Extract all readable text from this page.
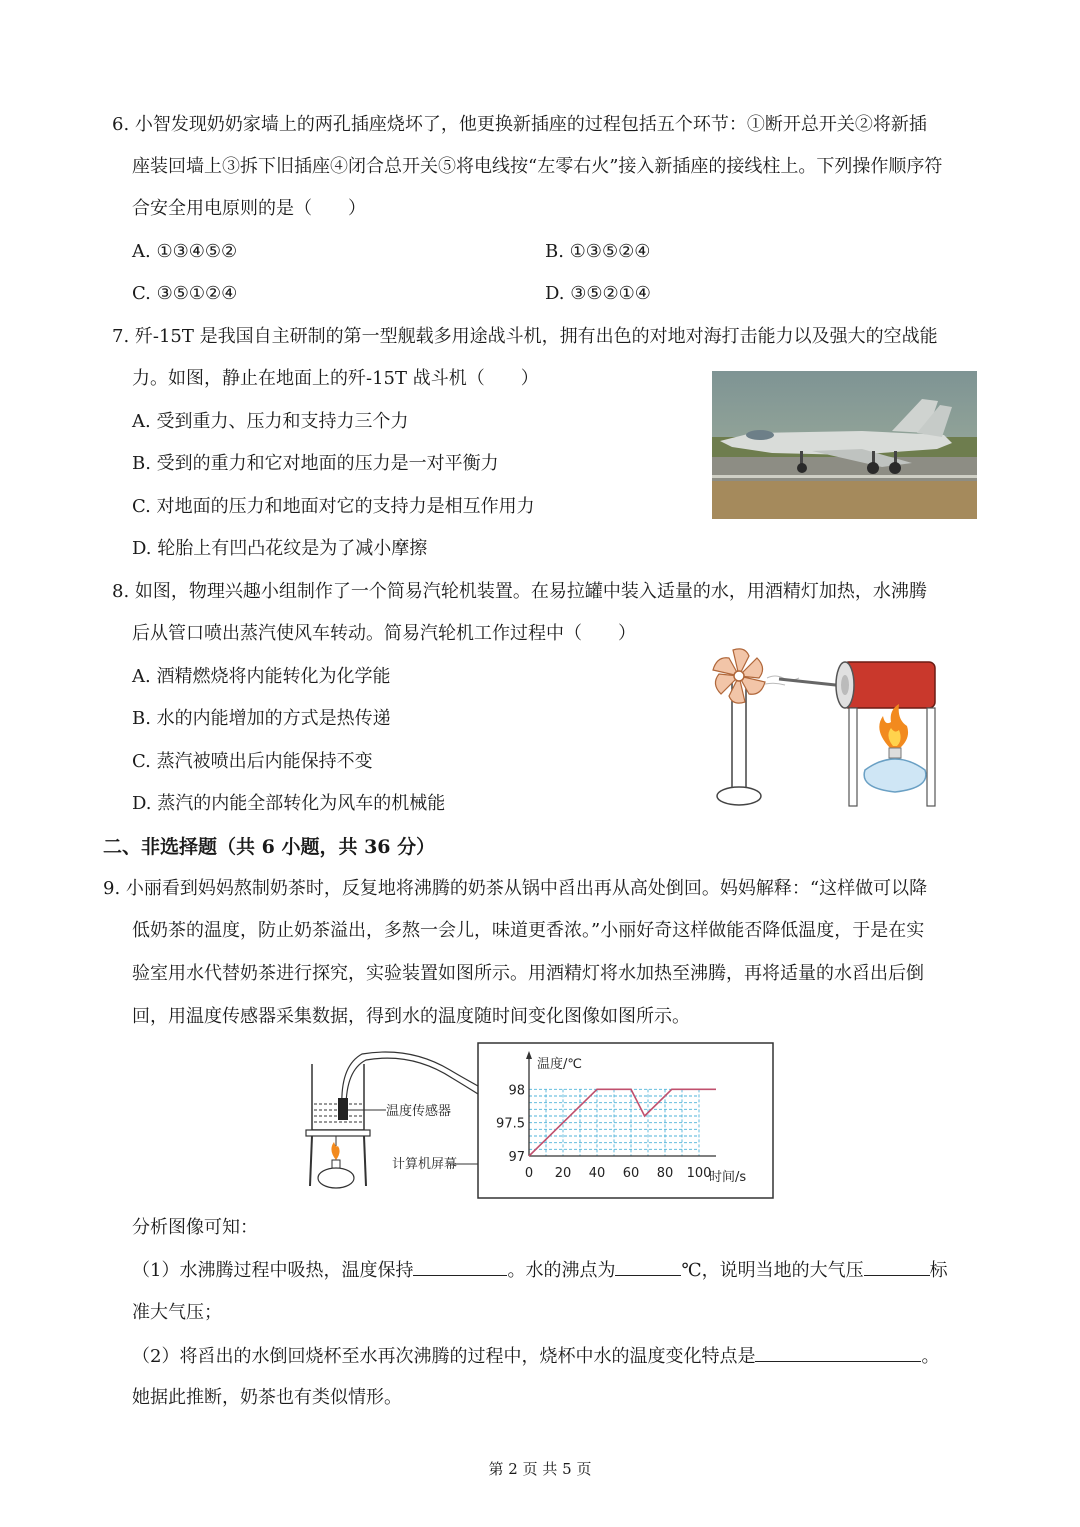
6. 小智发现奶奶家墙上的两孔插座烧坏了，他更换新插座的过程包括五个环节：①断开总开关②将新插
座装回墙上③拆下旧插座④闭合总开关⑤将电线按“左零右火”接入新插座的接线柱上。下列操作顺序符
合安全用电原则的是（　　）
A. ①③④⑤②	B. ①③⑤②④
C. ③⑤①②④	D. ③⑤②①④
7. 歼-15T 是我国自主研制的第一型舰载多用途战斗机，拥有出色的对地对海打击能力以及强大的空战能
力。如图，静止在地面上的歼-15T 战斗机（　　）
A. 受到重力、压力和支持力三个力
B. 受到的重力和它对地面的压力是一对平衡力
C. 对地面的压力和地面对它的支持力是相互作用力
D. 轮胎上有凹凸花纹是为了减小摩擦
8. 如图，物理兴趣小组制作了一个简易汽轮机装置。在易拉罐中装入适量的水，用酒精灯加热，水沸腾
后从管口喷出蒸汽使风车转动。简易汽轮机工作过程中（　　）
A. 酒精燃烧将内能转化为化学能
B. 水的内能增加的方式是热传递
C. 蒸汽被喷出后内能保持不变
D. 蒸汽的内能全部转化为风车的机械能
二、非选择题（共 6 小题，共 36 分）
9. 小丽看到妈妈熬制奶茶时，反复地将沸腾的奶茶从锅中舀出再从高处倒回。妈妈解释：“这样做可以降
低奶茶的温度，防止奶茶溢出，多熬一会儿，味道更香浓。”小丽好奇这样做能否降低温度，于是在实
验室用水代替奶茶进行探究，实验装置如图所示。用酒精灯将水加热至沸腾，再将适量的水舀出后倒
回，用温度传感器采集数据，得到水的温度随时间变化图像如图所示。
温度传感器
计算机屏幕
0 20 40 60 80 100
97
97.5
98
温度/℃
时间/s
分析图像可知：
（1）水沸腾过程中吸热，温度保持	。水的沸点为	℃，说明当地的大气压	标
准大气压；
（2）将舀出的水倒回烧杯至水再次沸腾的过程中，烧杯中水的温度变化特点是	。
她据此推断，奶茶也有类似情形。
第 2 页 共 5 页
